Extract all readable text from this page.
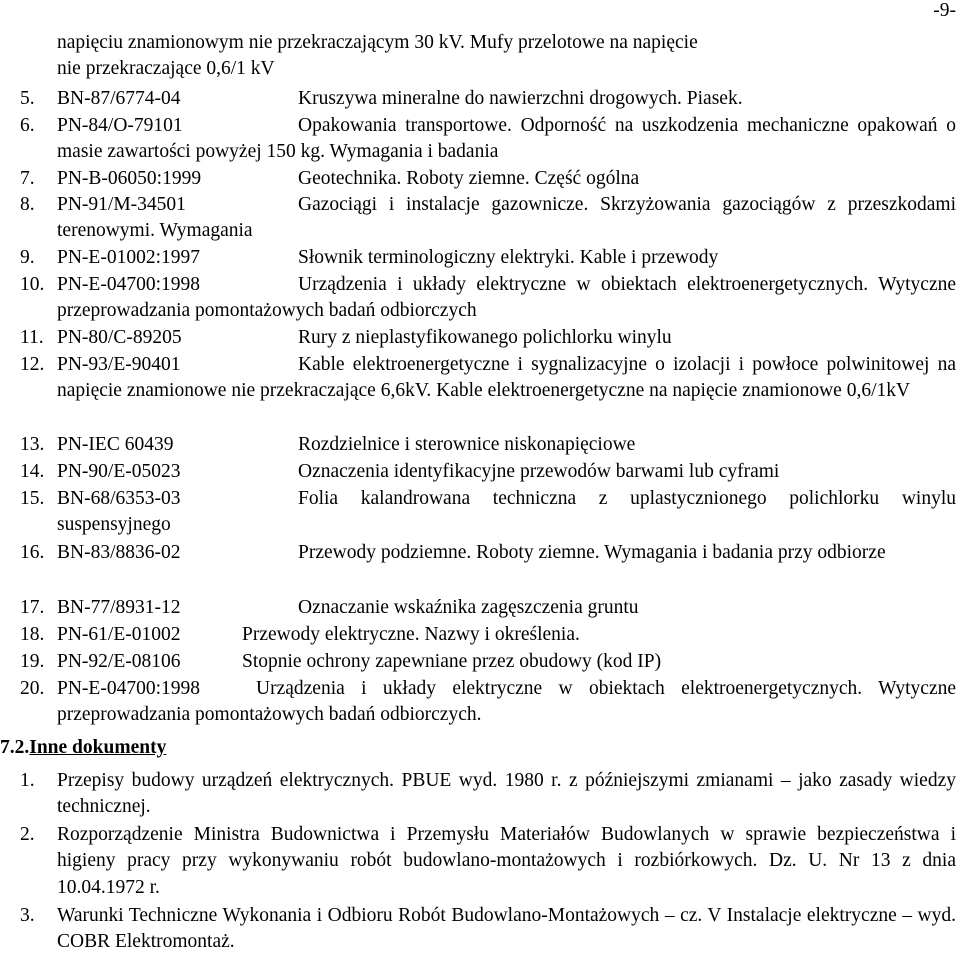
-9-
napięciu znamionowym nie przekraczającym 30 kV. Mufy przelotowe na napięcie
nie przekraczające 0,6/1 kV
5. BN-87/6774-04	Kruszywa mineralne do nawierzchni drogowych. Piasek.
6. PN-84/O-79101	Opakowania transportowe. Odporność na uszkodzenia mechaniczne opakowań o masie zawartości powyżej 150 kg. Wymagania i badania
7. PN-B-06050:1999	Geotechnika. Roboty ziemne. Część ogólna
8. PN-91/M-34501	Gazociągi i instalacje gazownicze. Skrzyżowania gazociągów z przeszkodami terenowymi. Wymagania
9. PN-E-01002:1997	Słownik terminologiczny elektryki. Kable i przewody
10. PN-E-04700:1998	Urządzenia i układy elektryczne w obiektach elektroenergetycznych. Wytyczne przeprowadzania pomontażowych badań odbiorczych
11. PN-80/C-89205	Rury z nieplastyfikowanego polichlorku winylu
12. PN-93/E-90401	Kable elektroenergetyczne i sygnalizacyjne o izolacji i powłoce polwinitowej na napięcie znamionowe nie przekraczające 6,6kV. Kable elektroenergetyczne na napięcie znamionowe 0,6/1kV
13. PN-IEC 60439	Rozdzielnice i sterownice niskonapięciowe
14. PN-90/E-05023	Oznaczenia identyfikacyjne przewodów barwami lub cyframi
15. BN-68/6353-03	Folia kalandrowana techniczna z uplastycznionego polichlorku winylu suspensyjnego
16. BN-83/8836-02	Przewody podziemne. Roboty ziemne. Wymagania i badania przy odbiorze
17. BN-77/8931-12	Oznaczanie wskaźnika zagęszczenia gruntu
18. PN-61/E-01002	Przewody elektryczne. Nazwy i określenia.
19. PN-92/E-08106	Stopnie ochrony zapewniane przez obudowy (kod IP)
20. PN-E-04700:1998	Urządzenia i układy elektryczne w obiektach elektroenergetycznych. Wytyczne przeprowadzania pomontażowych badań odbiorczych.
7.2.Inne dokumenty
1.	Przepisy budowy urządzeń elektrycznych. PBUE wyd. 1980 r. z późniejszymi zmianami – jako zasady wiedzy technicznej.
2.	Rozporządzenie Ministra Budownictwa i Przemysłu Materiałów Budowlanych w sprawie bezpieczeństwa i higieny pracy przy wykonywaniu robót budowlano-montażowych i rozbiórkowych. Dz. U. Nr 13 z dnia 10.04.1972 r.
3.	Warunki Techniczne Wykonania i Odbioru Robót Budowlano-Montażowych – cz. V Instalacje elektryczne – wyd. COBR Elektromontaż.
